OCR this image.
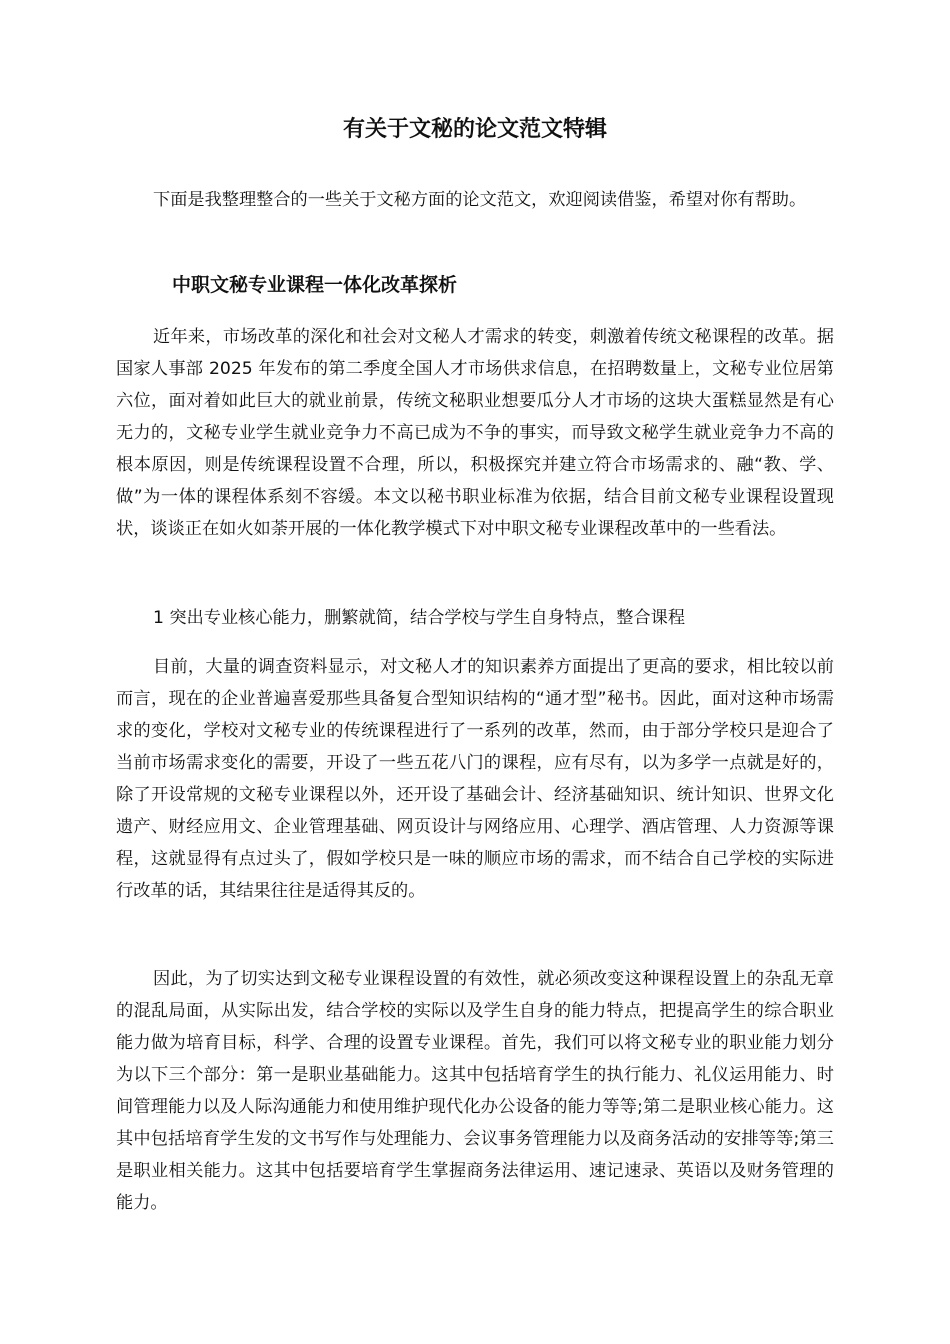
有关于文秘的论文范文特辑

下面是我整理整合的一些关于文秘方面的论文范文，欢迎阅读借鉴，希望对你有帮助。

中职文秘专业课程一体化改革探析

近年来，市场改革的深化和社会对文秘人才需求的转变，刺激着传统文秘课程的改革。据国家人事部 2025 年发布的第二季度全国人才市场供求信息，在招聘数量上，文秘专业位居第六位，面对着如此巨大的就业前景，传统文秘职业想要瓜分人才市场的这块大蛋糕显然是有心无力的，文秘专业学生就业竞争力不高已成为不争的事实，而导致文秘学生就业竞争力不高的根本原因，则是传统课程设置不合理，所以，积极探究并建立符合市场需求的、融“教、学、做”为一体的课程体系刻不容缓。本文以秘书职业标准为依据，结合目前文秘专业课程设置现状，谈谈正在如火如荼开展的一体化教学模式下对中职文秘专业课程改革中的一些看法。

1 突出专业核心能力，删繁就简，结合学校与学生自身特点，整合课程

目前，大量的调查资料显示，对文秘人才的知识素养方面提出了更高的要求，相比较以前而言，现在的企业普遍喜爱那些具备复合型知识结构的“通才型”秘书。因此，面对这种市场需求的变化，学校对文秘专业的传统课程进行了一系列的改革，然而，由于部分学校只是迎合了当前市场需求变化的需要，开设了一些五花八门的课程，应有尽有，以为多学一点就是好的，除了开设常规的文秘专业课程以外，还开设了基础会计、经济基础知识、统计知识、世界文化遗产、财经应用文、企业管理基础、网页设计与网络应用、心理学、酒店管理、人力资源等课程，这就显得有点过头了，假如学校只是一味的顺应市场的需求，而不结合自己学校的实际进行改革的话，其结果往往是适得其反的。

因此，为了切实达到文秘专业课程设置的有效性，就必须改变这种课程设置上的杂乱无章的混乱局面，从实际出发，结合学校的实际以及学生自身的能力特点，把提高学生的综合职业能力做为培育目标，科学、合理的设置专业课程。首先，我们可以将文秘专业的职业能力划分为以下三个部分：第一是职业基础能力。这其中包括培育学生的执行能力、礼仪运用能力、时间管理能力以及人际沟通能力和使用维护现代化办公设备的能力等等;第二是职业核心能力。这其中包括培育学生发的文书写作与处理能力、会议事务管理能力以及商务活动的安排等等;第三是职业相关能力。这其中包括要培育学生掌握商务法律运用、速记速录、英语以及财务管理的能力。
